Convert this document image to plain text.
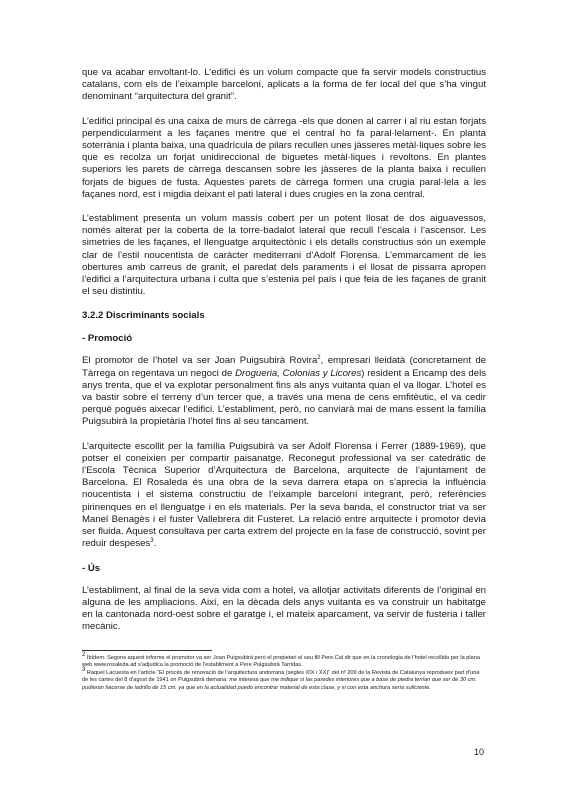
que va acabar envoltant-lo. L’edifici és un volum compacte que fa servir models constructius catalans, com els de l’eixample barceloní, aplicats a la forma de fer local del que s’ha vingut denominant “arquitectura del granit”.

L’edifici principal és una caixa de murs de càrrega -els que donen al carrer i al riu estan forjats perpendicularment a les façanes mentre que el central ho fa paral·lelament-. En planta soterrània i planta baixa, una quadrícula de pilars recullen unes jàsseres metàl·liques sobre les que es recolza un forjat unidireccional de biguetes metàl·liques i revoltons. En plantes superiors les parets de càrrega descansen sobre les jàsseres de la planta baixa i recullen forjats de bigues de fusta. Aquestes parets de càrrega formen una crugia paral·lela a les façanes nord, est i migdia deixant el pati lateral i dues crugies en la zona central.

L’establiment presenta un volum massís cobert per un potent llosat de dos aiguavessos, només alterat per la coberta de la torre-badalot lateral que recull l’escala i l’ascensor. Les simetries de les façanes, el llenguatge arquitectònic i els detalls constructius són un exemple clar de l’estil noucentista de caràcter mediterrani d’Adolf Florensa. L’emmarcament de les obertures amb carreus de granit, el paredat dels paraments i el llosat de pissarra apropen l’edifici a l’arquitectura urbana i culta que s’estenia pel país i que feia de les façanes de granit el seu distintiu.

3.2.2 Discriminants socials
- Promoció

El promotor de l’hotel va ser Joan Puigsubirà Rovira$^2$, empresari lleidatà (concretament de Tàrrega on regentava un negoci de Drogueria, Colonias y Licores) resident a Encamp des dels anys trenta, que el va explotar personalment fins als anys vuitanta quan el va llogar. L’hotel es va bastir sobre el terreny d’un tercer que, a través una mena de cens emfitèutic, el va cedir perquè pogués aixecar l’edifici. L’establiment, però, no canviarà mai de mans essent la família Puigsubirà la propietària l’hotel fins al seu tancament.

L’arquitecte escollit per la família Puigsubirà va ser Adolf Florensa i Ferrer (1889-1969), que potser el coneixien per compartir paisanatge. Reconegut professional va ser catedràtic de l’Escola Tècnica Superior d’Arquitectura de Barcelona, arquitecte de l’ajuntament de Barcelona. El Rosaleda és una obra de la seva darrera etapa on s’aprecia la influència noucentista i el sistema constructiu de l’eixample barceloní integrant, però, referències pirinenques en el llenguatge i en els materials. Per la seva banda, el constructor triat va ser Manel Benagès i el fuster Vallebrera dit Fusteret. La relació entre arquitecte i promotor devia ser fluida. Aquest consultava per carta extrem del projecte en la fase de construcció, sovint per reduir despeses$^3$.

- Ús

L’establiment, al final de la seva vida com a hotel, va allotjar activitats diferents de l’original en alguna de les ampliacions. Així, en la dècada dels anys vuitanta es va construir un habitatge en la cantonada nord-oest sobre el garatge i, el mateix aparcament, va servir de fusteria i taller mecànic.

$^2$ Ibídem. Segons aquest informe el promotor va ser Joan Puigsubirà però el propietari el seu fill Pere.Cal dir que en la cronologia de l’hotel recollida per la plana web www.rosaleda.ad s’adjudica la promoció de l’establiment a Pere Puigsubirà Tarridas.

$^3$ Raquel Lacuesta en l’article “El procés de renovació de l’arquitectura andorrana (segles XIX i XX)” del nº 209 de la Revista de Catalunya reprodueix part d’una de les cartes del 8 d’agost de 1941 on Puigsubirà demana: me interesa que me indique si las paredes interiores que a base de piedra tenían que ser de 30 cm. pudieran hacerse de ladrillo de 15 cm. ya que en la actualidad puedo encontrar material de esta clase, y si con esta anchura sería suficiente.

10
